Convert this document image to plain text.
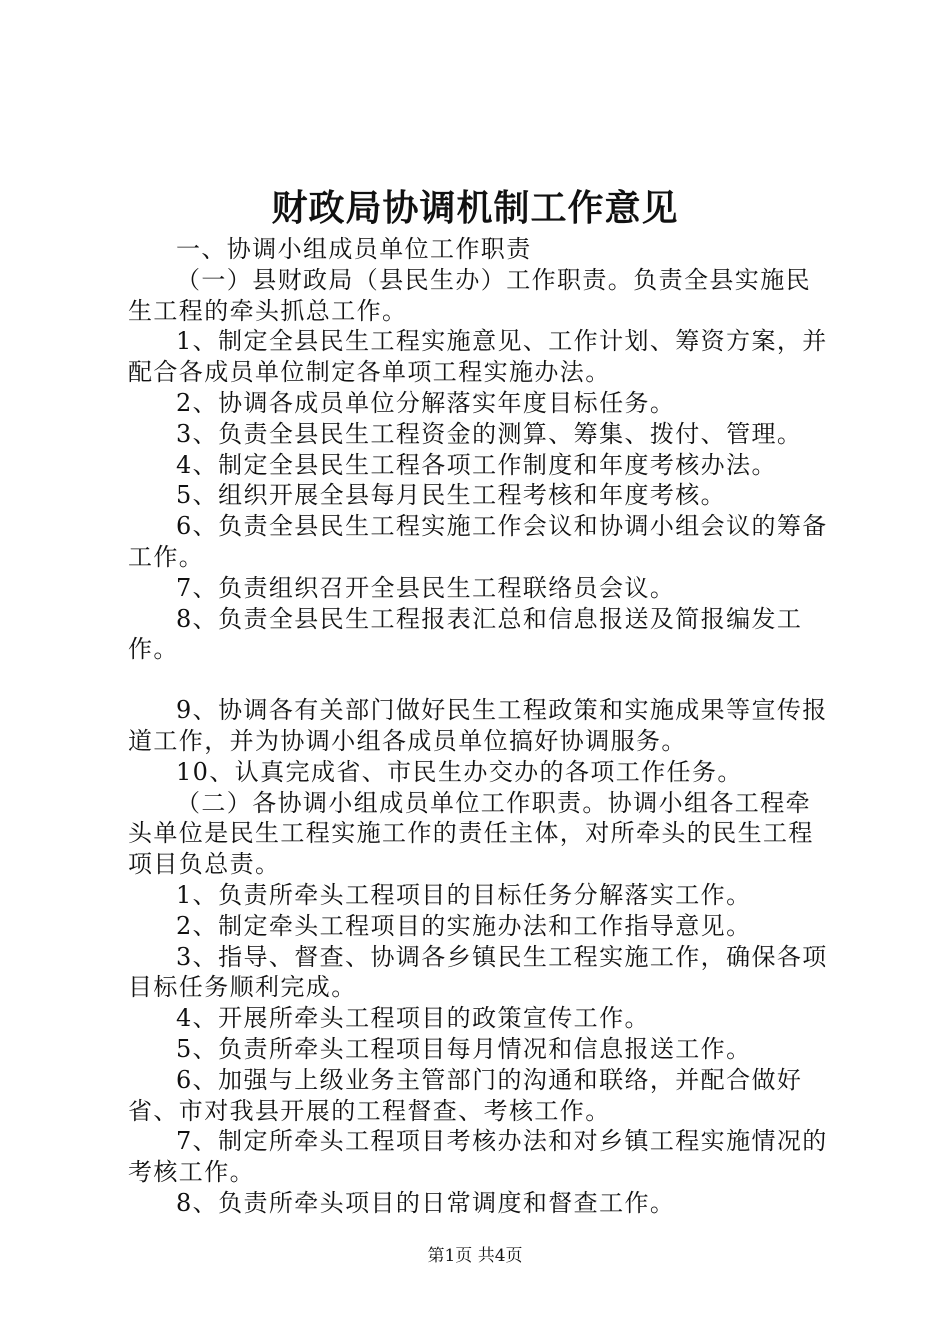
财政局协调机制工作意见

一、协调小组成员单位工作职责

（一）县财政局（县民生办）工作职责。负责全县实施民生工程的牵头抓总工作。

1、制定全县民生工程实施意见、工作计划、筹资方案，并配合各成员单位制定各单项工程实施办法。

2、协调各成员单位分解落实年度目标任务。

3、负责全县民生工程资金的测算、筹集、拨付、管理。

4、制定全县民生工程各项工作制度和年度考核办法。

5、组织开展全县每月民生工程考核和年度考核。

6、负责全县民生工程实施工作会议和协调小组会议的筹备工作。

7、负责组织召开全县民生工程联络员会议。

8、负责全县民生工程报表汇总和信息报送及简报编发工作。

9、协调各有关部门做好民生工程政策和实施成果等宣传报道工作，并为协调小组各成员单位搞好协调服务。

10、认真完成省、市民生办交办的各项工作任务。

（二）各协调小组成员单位工作职责。协调小组各工程牵头单位是民生工程实施工作的责任主体，对所牵头的民生工程项目负总责。

1、负责所牵头工程项目的目标任务分解落实工作。

2、制定牵头工程项目的实施办法和工作指导意见。

3、指导、督查、协调各乡镇民生工程实施工作，确保各项目标任务顺利完成。

4、开展所牵头工程项目的政策宣传工作。

5、负责所牵头工程项目每月情况和信息报送工作。

6、加强与上级业务主管部门的沟通和联络，并配合做好省、市对我县开展的工程督查、考核工作。

7、制定所牵头工程项目考核办法和对乡镇工程实施情况的考核工作。

8、负责所牵头项目的日常调度和督查工作。

第1页 共4页
